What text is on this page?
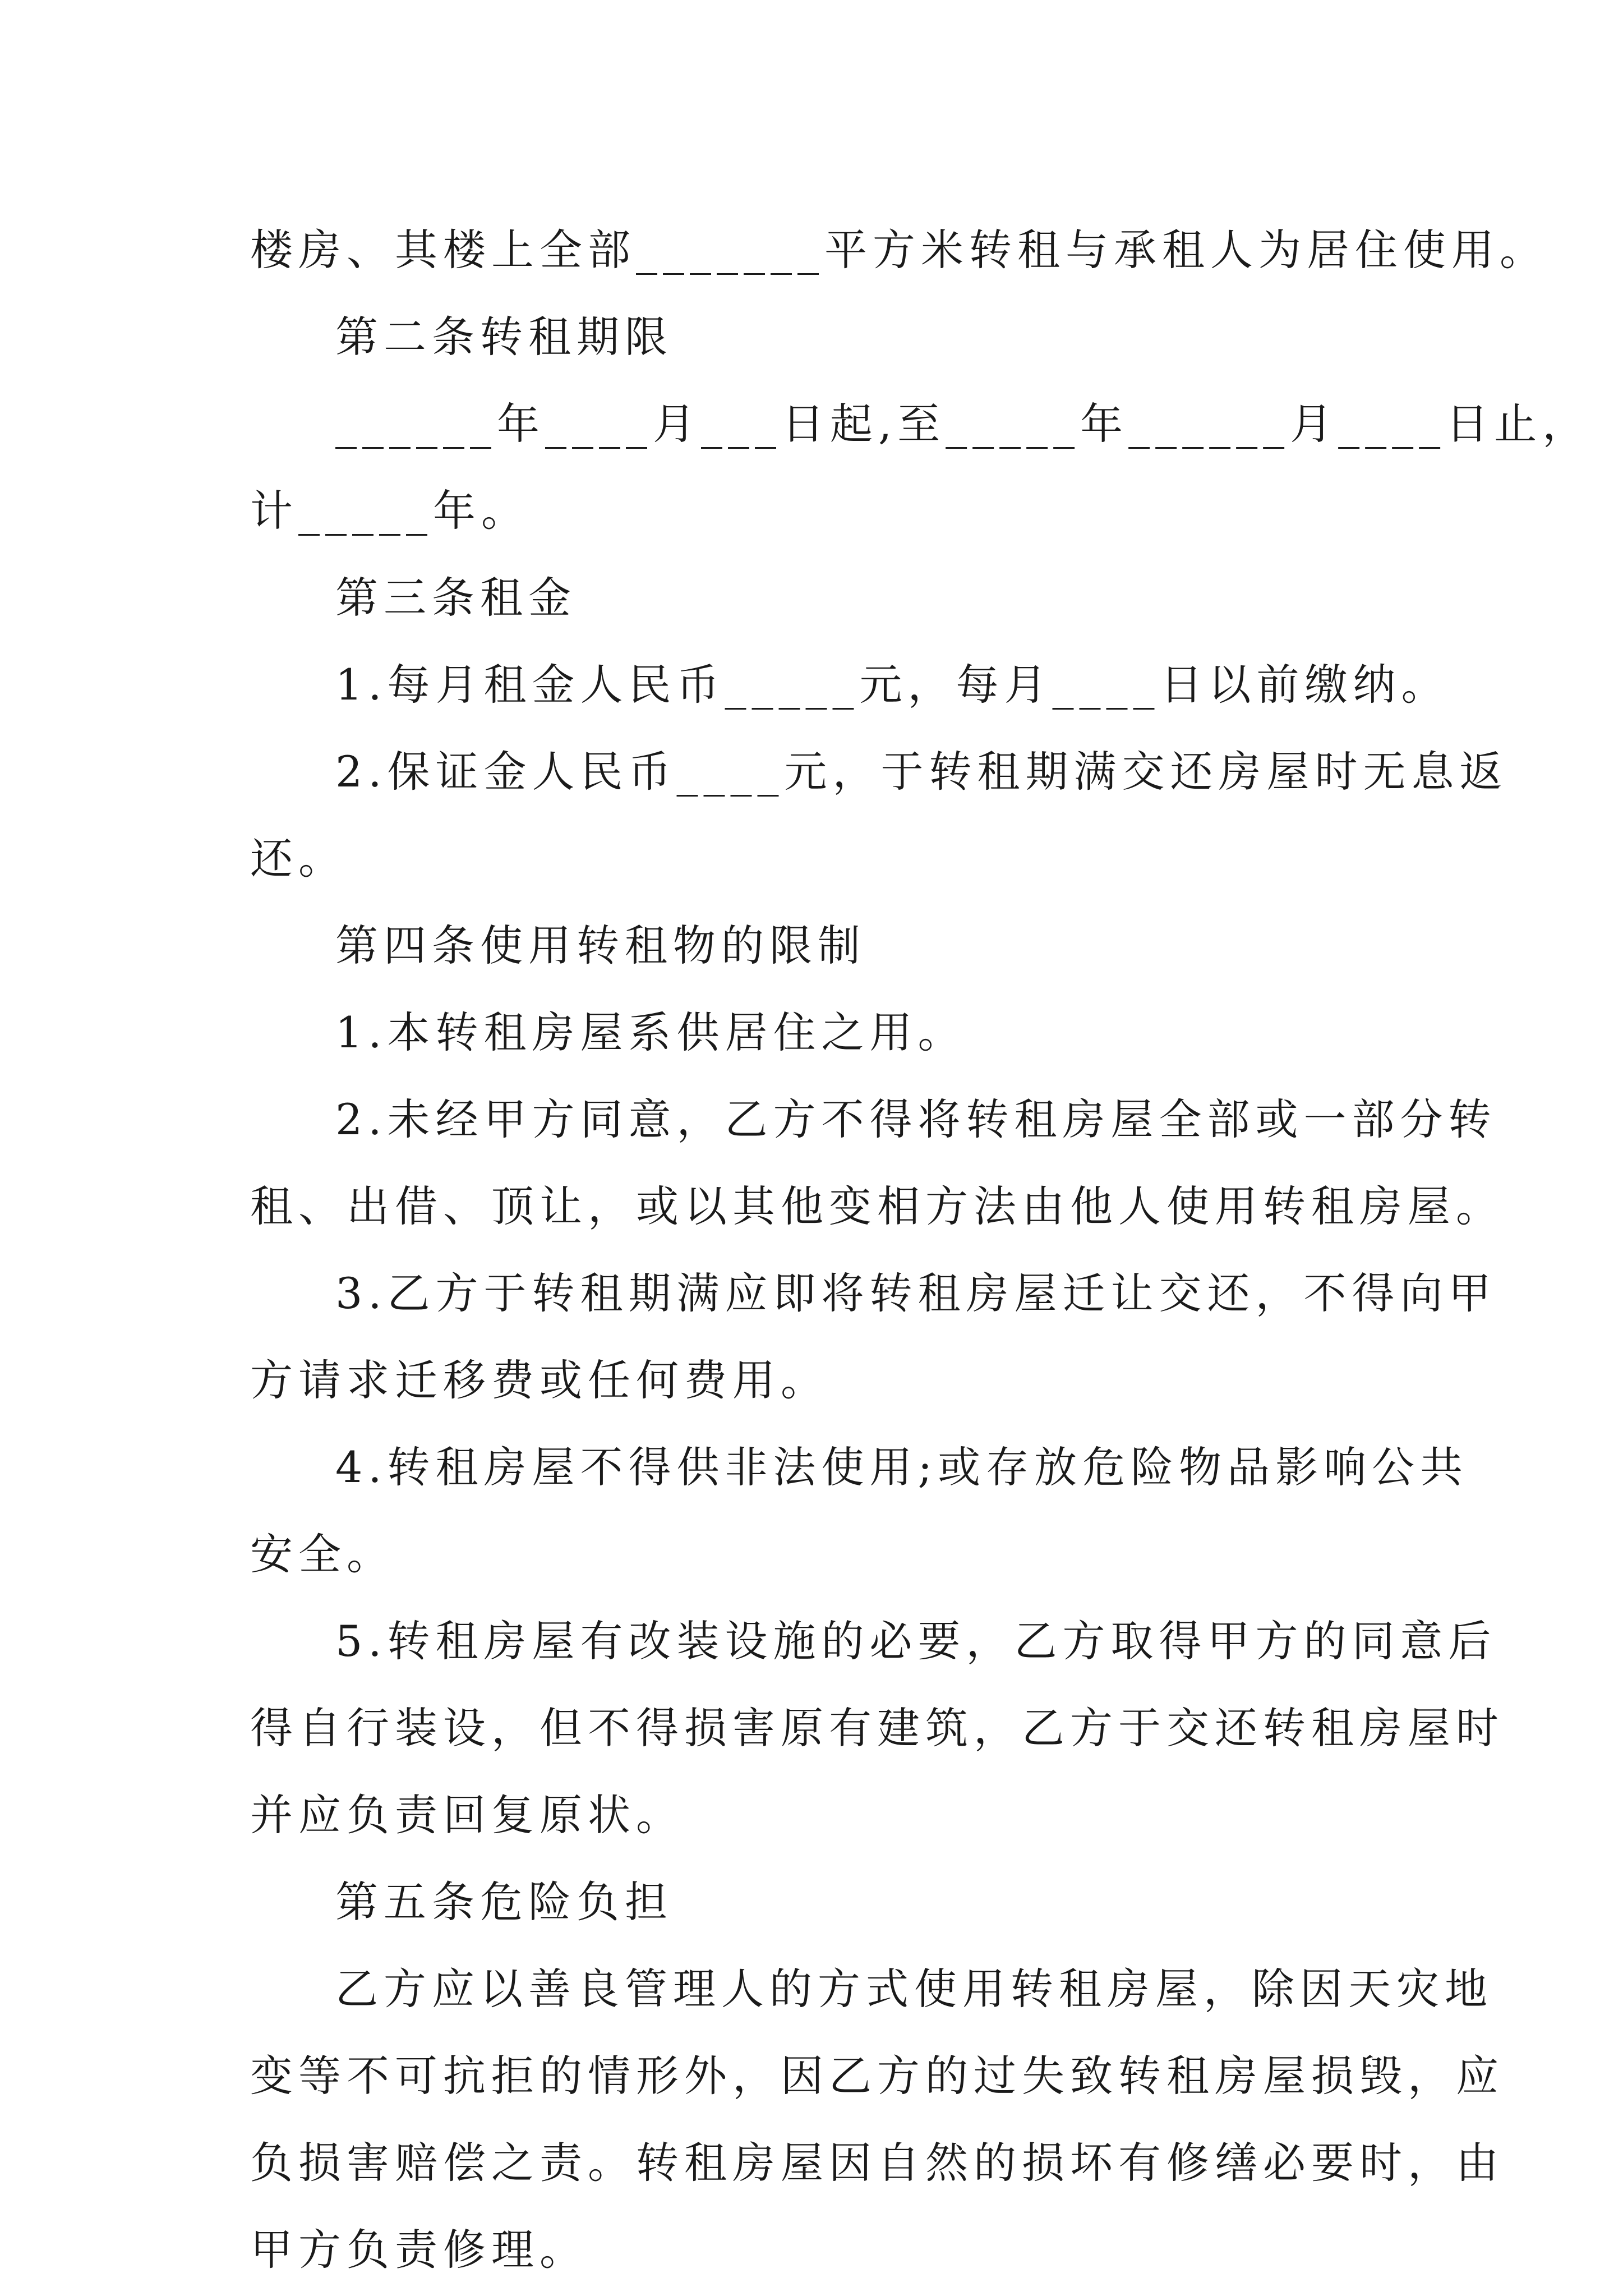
楼房、其楼上全部_______平方米转租与承租人为居住使用。
第二条转租期限
______年____月___日起,至_____年______月____日止，
计_____年。
第三条租金
1.每月租金人民币_____元，每月____日以前缴纳。
2.保证金人民币____元，于转租期满交还房屋时无息返
还。
第四条使用转租物的限制
1.本转租房屋系供居住之用。
2.未经甲方同意，乙方不得将转租房屋全部或一部分转
租、出借、顶让，或以其他变相方法由他人使用转租房屋。
3.乙方于转租期满应即将转租房屋迁让交还，不得向甲
方请求迁移费或任何费用。
4.转租房屋不得供非法使用;或存放危险物品影响公共
安全。
5.转租房屋有改装设施的必要，乙方取得甲方的同意后
得自行装设，但不得损害原有建筑，乙方于交还转租房屋时
并应负责回复原状。
第五条危险负担
乙方应以善良管理人的方式使用转租房屋，除因天灾地
变等不可抗拒的情形外，因乙方的过失致转租房屋损毁，应
负损害赔偿之责。转租房屋因自然的损坏有修缮必要时，由
甲方负责修理。
